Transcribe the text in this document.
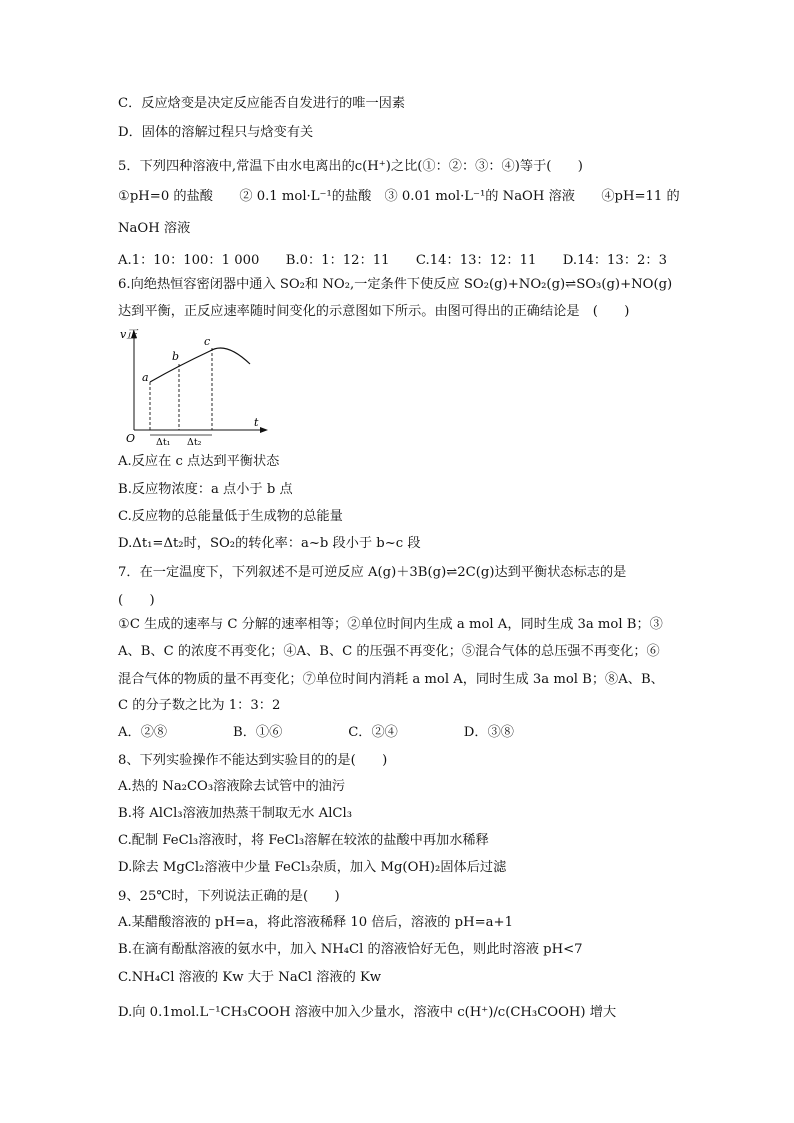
C．反应焓变是决定反应能否自发进行的唯一因素
D．固体的溶解过程只与焓变有关
5．下列四种溶液中,常温下由水电离出的c(H⁺)之比(①：②：③：④)等于(　　)
①pH=0 的盐酸　　② 0.1 mol·L⁻¹的盐酸　③ 0.01 mol·L⁻¹的 NaOH 溶液　　④pH=11 的
NaOH 溶液
A.1：10：100：1 000　　B.0：1：12：11　　C.14：13：12：11　　D.14：13：2：3
6.向绝热恒容密闭器中通入 SO₂和 NO₂,一定条件下使反应 SO₂(g)+NO₂(g)⇌SO₃(g)+NO(g)
达到平衡，正反应速率随时间变化的示意图如下所示。由图可得出的正确结论是　(　　)
v正
t
O
a
b
c
Δt₁ Δt₂
A.反应在 c 点达到平衡状态
B.反应物浓度：a 点小于 b 点
C.反应物的总能量低于生成物的总能量
D.Δt₁=Δt₂时，SO₂的转化率：a~b 段小于 b~c 段
7．在一定温度下，下列叙述不是可逆反应 A(g)＋3B(g)⇌2C(g)达到平衡状态标志的是
(　　)
①C 生成的速率与 C 分解的速率相等；②单位时间内生成 a mol A，同时生成 3a mol B；③
A、B、C 的浓度不再变化；④A、B、C 的压强不再变化；⑤混合气体的总压强不再变化；⑥
混合气体的物质的量不再变化；⑦单位时间内消耗 a mol A，同时生成 3a mol B；⑧A、B、
C 的分子数之比为 1：3：2
A．②⑧　　　　　B．①⑥　　　　　C．②④　　　　　D．③⑧
8、下列实验操作不能达到实验目的的是(　　)
A.热的 Na₂CO₃溶液除去试管中的油污
B.将 AlCl₃溶液加热蒸干制取无水 AlCl₃
C.配制 FeCl₃溶液时，将 FeCl₃溶解在较浓的盐酸中再加水稀释
D.除去 MgCl₂溶液中少量 FeCl₃杂质，加入 Mg(OH)₂固体后过滤
9、25℃时，下列说法正确的是(　　)
A.某醋酸溶液的 pH=a，将此溶液稀释 10 倍后，溶液的 pH=a+1
B.在滴有酚酞溶液的氨水中，加入 NH₄Cl 的溶液恰好无色，则此时溶液 pH<7
C.NH₄Cl 溶液的 Kw 大于 NaCl 溶液的 Kw
D.向 0.1mol.L⁻¹CH₃COOH 溶液中加入少量水，溶液中 c(H⁺)/c(CH₃COOH) 增大
